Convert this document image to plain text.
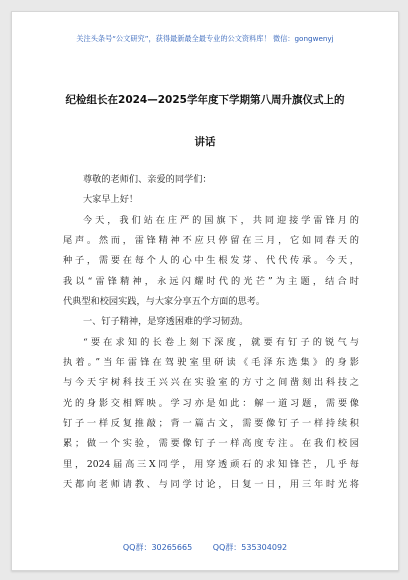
关注头条号“公文研究”，获得最新最全最专业的公文资料库！ 微信：gongwenyj
纪检组长在2024—2025学年度下学期第八周升旗仪式上的
讲话
尊敬的老师们、亲爱的同学们：
大家早上好！
今天，我们站在庄严的国旗下，共同迎接学雷锋月的
尾声。然而，雷锋精神不应只停留在三月，它如同春天的
种子，需要在每个人的心中生根发芽、代代传承。今天，
我以“雷锋精神，永远闪耀时代的光芒”为主题，结合时
代典型和校园实践，与大家分享五个方面的思考。
一、钉子精神，是穿透困难的学习韧劲。
“要在求知的长卷上刻下深度，就要有钉子的锐气与
执着。”当年雷锋在驾驶室里研读《毛泽东选集》的身影
与今天宇树科技王兴兴在实验室的方寸之间凿刻出科技之
光的身影交相辉映。学习亦是如此：解一道习题，需要像
钉子一样反复推敲；背一篇古文，需要像钉子一样持续积
累；做一个实验，需要像钉子一样高度专注。在我们校园
里，2024届高三X同学，用穿透顽石的求知锋芒，几乎每
天都向老师请教、与同学讨论，日复一日，用三年时光将
QQ群：30265665	QQ群：535304092
